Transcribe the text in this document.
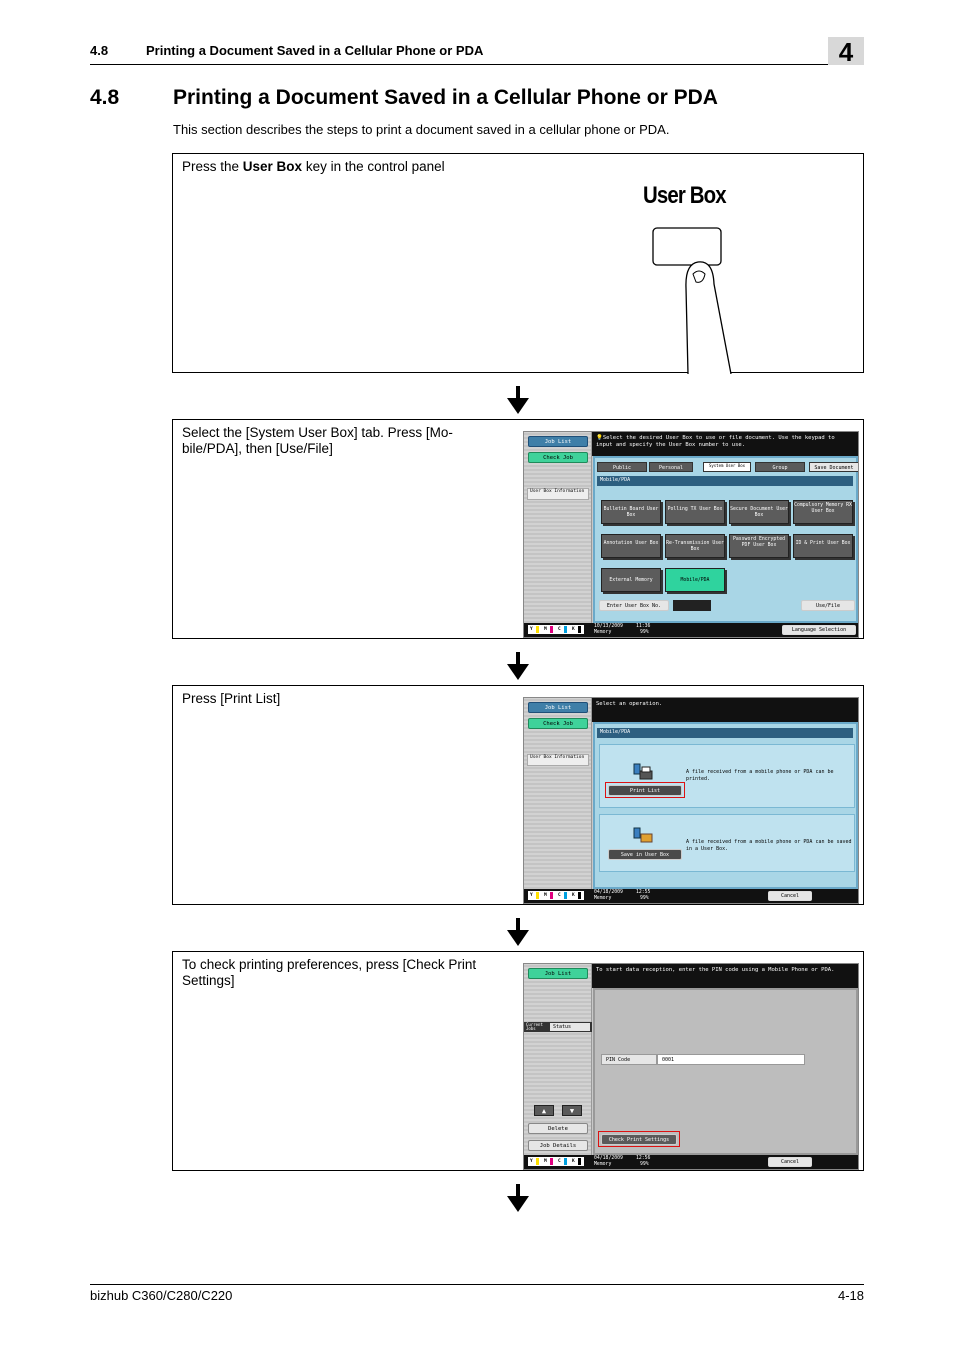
4.8	Printing a Document Saved in a Cellular Phone or PDA	4
4.8	Printing a Document Saved in a Cellular Phone or PDA
This section describes the steps to print a document saved in a cellular phone or PDA.
Press the User Box key in the control panel
User Box
Select the [System User Box] tab. Press [Mo-bile/PDA], then [Use/File]	Job List
Check Job
User Box Information
💡Select the desired User Box to use or file document. Use the keypad to input and specify the User Box number to use.
Public	Personal	System User Box	Group	Save Document
Mobile/PDA
Bulletin Board User Box
Polling TX User Box	Secure Document User Box
Compulsory Memory RX User Box
Annotation User Box	Re-Transmission User Box
Password Encrypted PDF User Box	ID & Print User Box
External Memory	Mobile/PDA
Enter User Box No.	Use/File
Y	M	C	K
10/13/2009	11:36
Memory	99%	Language Selection
Press [Print List]
Job List
Check Job
User Box Information
Select an operation.
Mobile/PDA
Print List
A file received from a mobile phone or PDA can be printed.
Save in User Box
A file received from a mobile phone or PDA can be saved in a User Box.
Y	M	C	K
04/18/2009	12:55
Memory	99%	Cancel
To check printing preferences, press [Check Print Settings]	Job List
Current Jobs	Status
▲	▼
Delete
Job Details
To start data reception, enter the PIN code using a Mobile Phone or PDA.
PIN Code	0001
Check Print Settings
Y	M	C	K
04/18/2009	12:56
Memory	99%	Cancel
bizhub C360/C280/C220	4-18
